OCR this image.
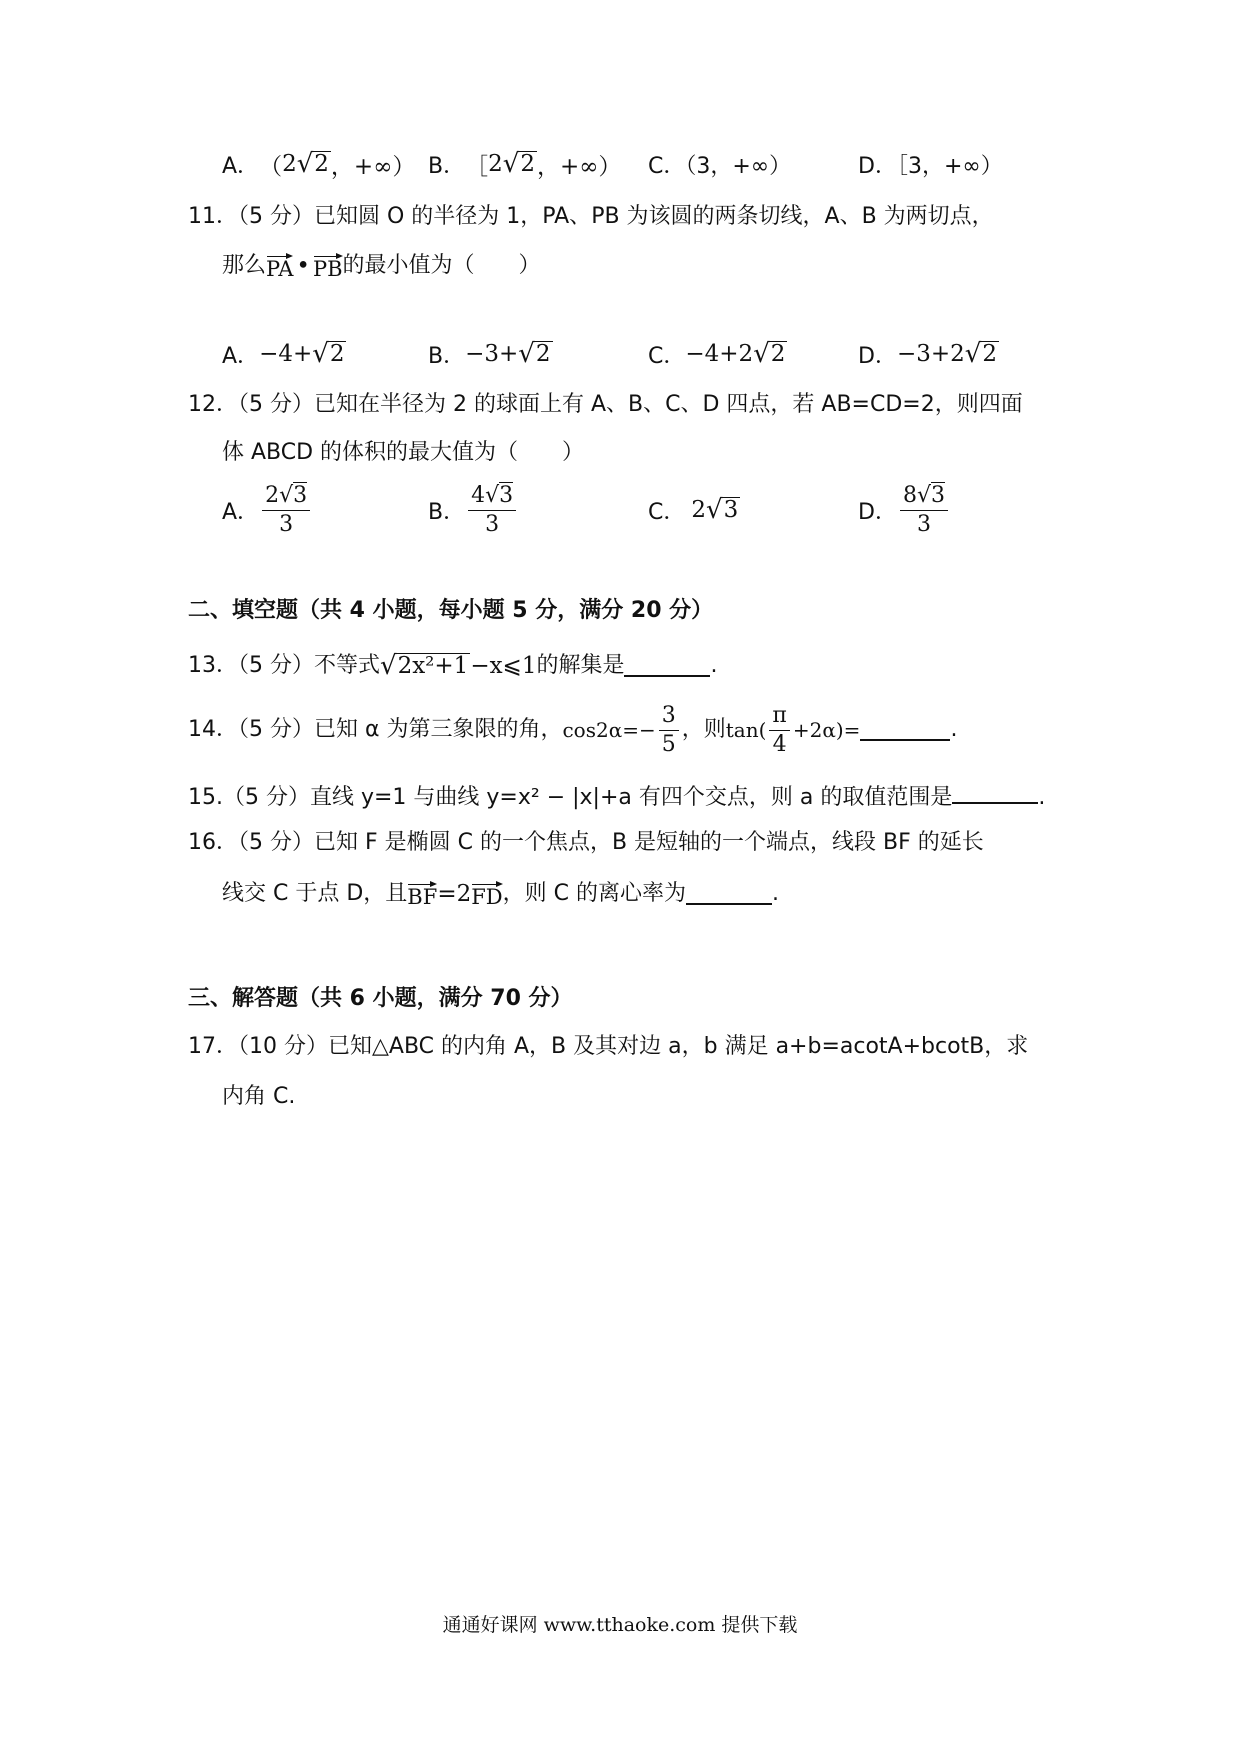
A． （ 2 √ 2 ，+∞） B． ［ 2 √ 2 ，+∞） C．（3，+∞）	D．［3，+∞）
11．（5 分）已知圆 O 的半径为 1，PA、PB 为该圆的两条切线，A、B 为两切点，
那么 PA • PB 的最小值为（　　）
A． −4+ √ 2	B． −3+ √ 2	C． −4+2 √ 2	D． −3+2 √ 2
12．（5 分）已知在半径为 2 的球面上有 A、B、C、D 四点，若 AB=CD=2，则四面
体 ABCD 的体积的最大值为（　　）
A． $\frac{2√3}{3}$	B． $\frac{4√3}{3}$	C． 2 √ 3	D． $\frac{8√3}{3}$
二、填空题（共 4 小题，每小题 5 分，满分 20 分）
13．（5 分）不等式 √ 2x²+1 −x⩽1 的解集是	.
14．（5 分）已知 α 为第三象限的角， $\cos 2\alpha=- \frac{3}{5}$ ，则 $\tan( \frac{\pi}{4} +2\alpha)=$	.
15.（5 分）直线 y=1 与曲线 y=x² − |x|+a 有四个交点，则 a 的取值范围是	.
16．（5 分）已知 F 是椭圆 C 的一个焦点，B 是短轴的一个端点，线段 BF 的延长
线交 C 于点 D，且 BF =2 FD ，则 C 的离心率为	.
三、解答题（共 6 小题，满分 70 分）
17．（10 分）已知△ABC 的内角 A，B 及其对边 a，b 满足 a+b=acotA+bcotB，求
内角 C.
通通好课网 www.tthaoke.com 提供下载
